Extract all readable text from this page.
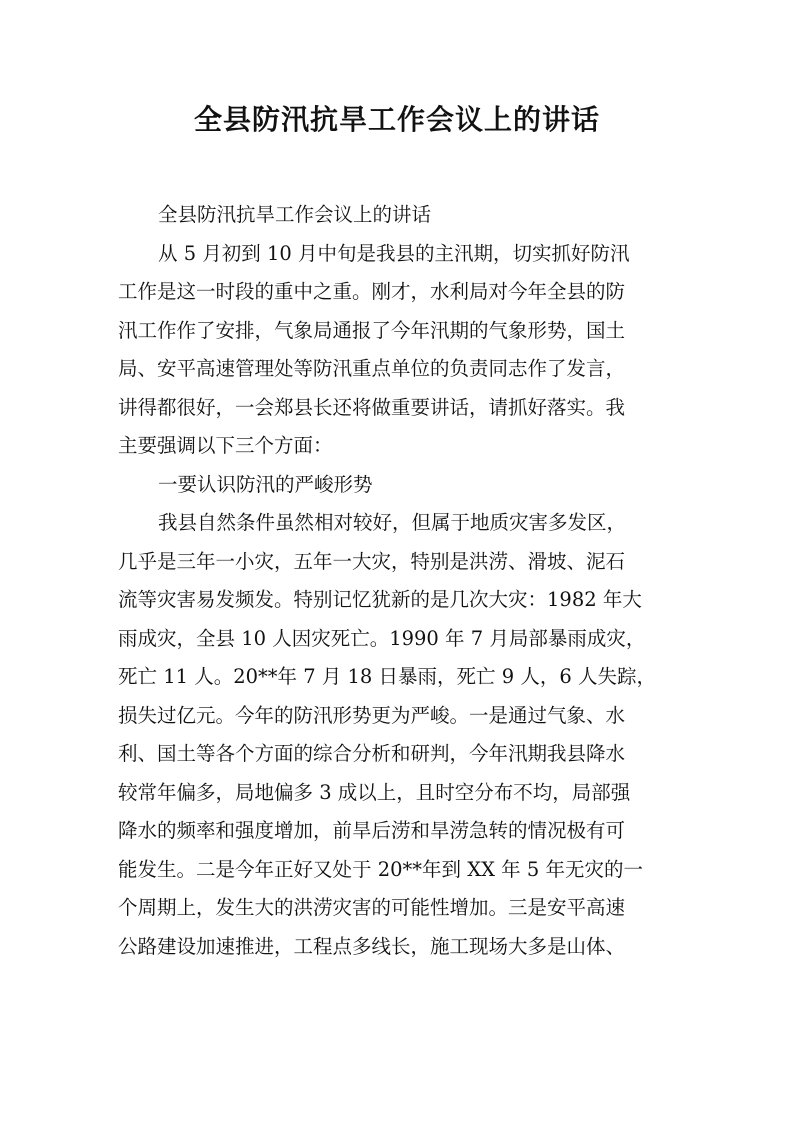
全县防汛抗旱工作会议上的讲话
全县防汛抗旱工作会议上的讲话
从 5 月初到 10 月中旬是我县的主汛期，切实抓好防汛
工作是这一时段的重中之重。刚才，水利局对今年全县的防
汛工作作了安排，气象局通报了今年汛期的气象形势，国土
局、安平高速管理处等防汛重点单位的负责同志作了发言，
讲得都很好，一会郑县长还将做重要讲话，请抓好落实。我
主要强调以下三个方面：
一要认识防汛的严峻形势
我县自然条件虽然相对较好，但属于地质灾害多发区，
几乎是三年一小灾，五年一大灾，特别是洪涝、滑坡、泥石
流等灾害易发频发。特别记忆犹新的是几次大灾：1982 年大
雨成灾，全县 10 人因灾死亡。1990 年 7 月局部暴雨成灾，
死亡 11 人。20**年 7 月 18 日暴雨，死亡 9 人，6 人失踪，
损失过亿元。今年的防汛形势更为严峻。一是通过气象、水
利、国土等各个方面的综合分析和研判，今年汛期我县降水
较常年偏多，局地偏多 3 成以上，且时空分布不均，局部强
降水的频率和强度增加，前旱后涝和旱涝急转的情况极有可
能发生。二是今年正好又处于 20**年到 XX 年 5 年无灾的一
个周期上，发生大的洪涝灾害的可能性增加。三是安平高速
公路建设加速推进，工程点多线长，施工现场大多是山体、
